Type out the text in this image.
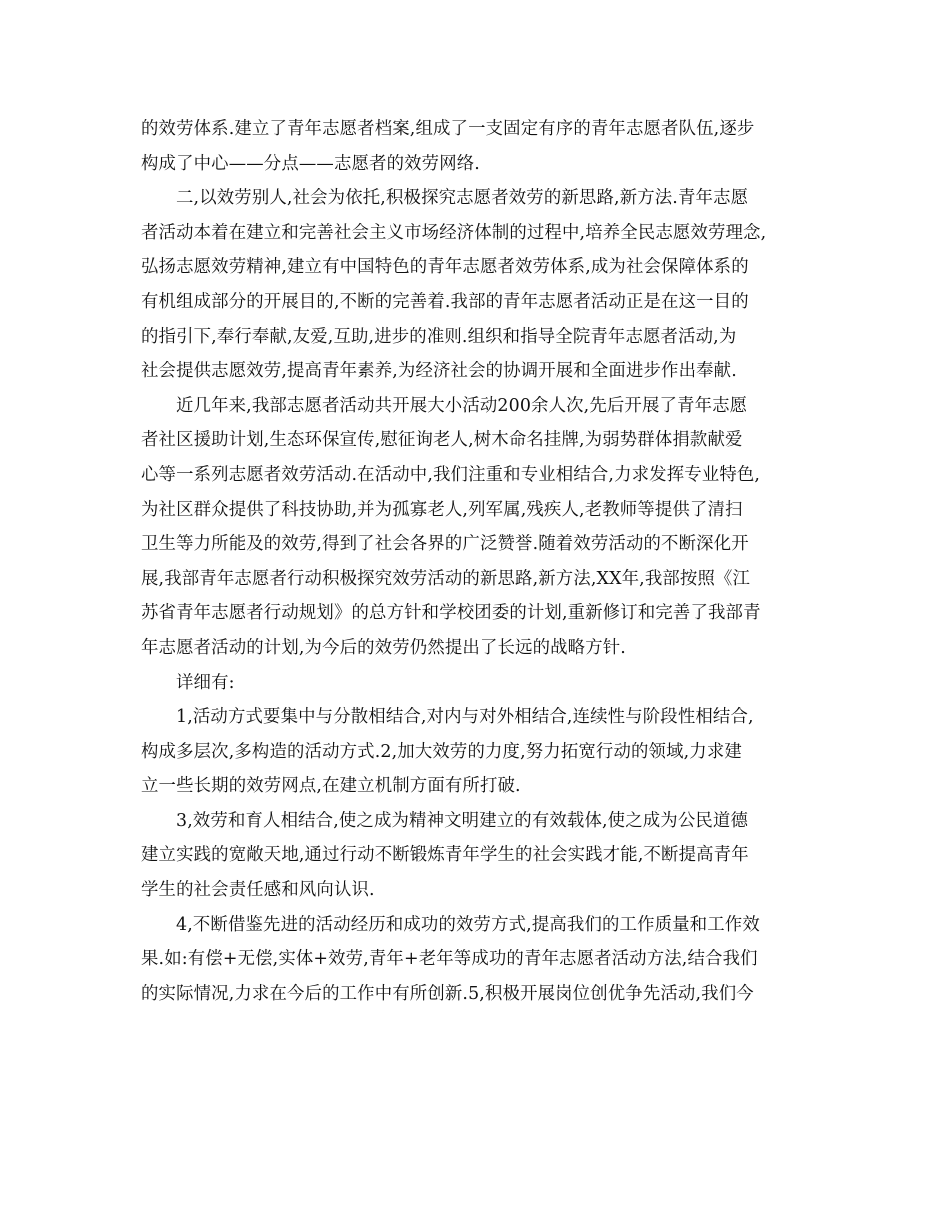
的效劳体系.建立了青年志愿者档案,组成了一支固定有序的青年志愿者队伍,逐步
构成了中心——分点——志愿者的效劳网络.
二,以效劳别人,社会为依托,积极探究志愿者效劳的新思路,新方法.青年志愿
者活动本着在建立和完善社会主义市场经济体制的过程中,培养全民志愿效劳理念,
弘扬志愿效劳精神,建立有中国特色的青年志愿者效劳体系,成为社会保障体系的
有机组成部分的开展目的,不断的完善着.我部的青年志愿者活动正是在这一目的
的指引下,奉行奉献,友爱,互助,进步的准则.组织和指导全院青年志愿者活动,为
社会提供志愿效劳,提高青年素养,为经济社会的协调开展和全面进步作出奉献.
近几年来,我部志愿者活动共开展大小活动200余人次,先后开展了青年志愿
者社区援助计划,生态环保宣传,慰征询老人,树木命名挂牌,为弱势群体捐款献爱
心等一系列志愿者效劳活动.在活动中,我们注重和专业相结合,力求发挥专业特色,
为社区群众提供了科技协助,并为孤寡老人,列军属,残疾人,老教师等提供了清扫
卫生等力所能及的效劳,得到了社会各界的广泛赞誉.随着效劳活动的不断深化开
展,我部青年志愿者行动积极探究效劳活动的新思路,新方法,XX年,我部按照《江
苏省青年志愿者行动规划》的总方针和学校团委的计划,重新修订和完善了我部青
年志愿者活动的计划,为今后的效劳仍然提出了长远的战略方针.
详细有:
1,活动方式要集中与分散相结合,对内与对外相结合,连续性与阶段性相结合,
构成多层次,多构造的活动方式.2,加大效劳的力度,努力拓宽行动的领域,力求建
立一些长期的效劳网点,在建立机制方面有所打破.
3,效劳和育人相结合,使之成为精神文明建立的有效载体,使之成为公民道德
建立实践的宽敞天地,通过行动不断锻炼青年学生的社会实践才能,不断提高青年
学生的社会责任感和风向认识.
4,不断借鉴先进的活动经历和成功的效劳方式,提高我们的工作质量和工作效
果.如:有偿+无偿,实体+效劳,青年+老年等成功的青年志愿者活动方法,结合我们
的实际情况,力求在今后的工作中有所创新.5,积极开展岗位创优争先活动,我们今
